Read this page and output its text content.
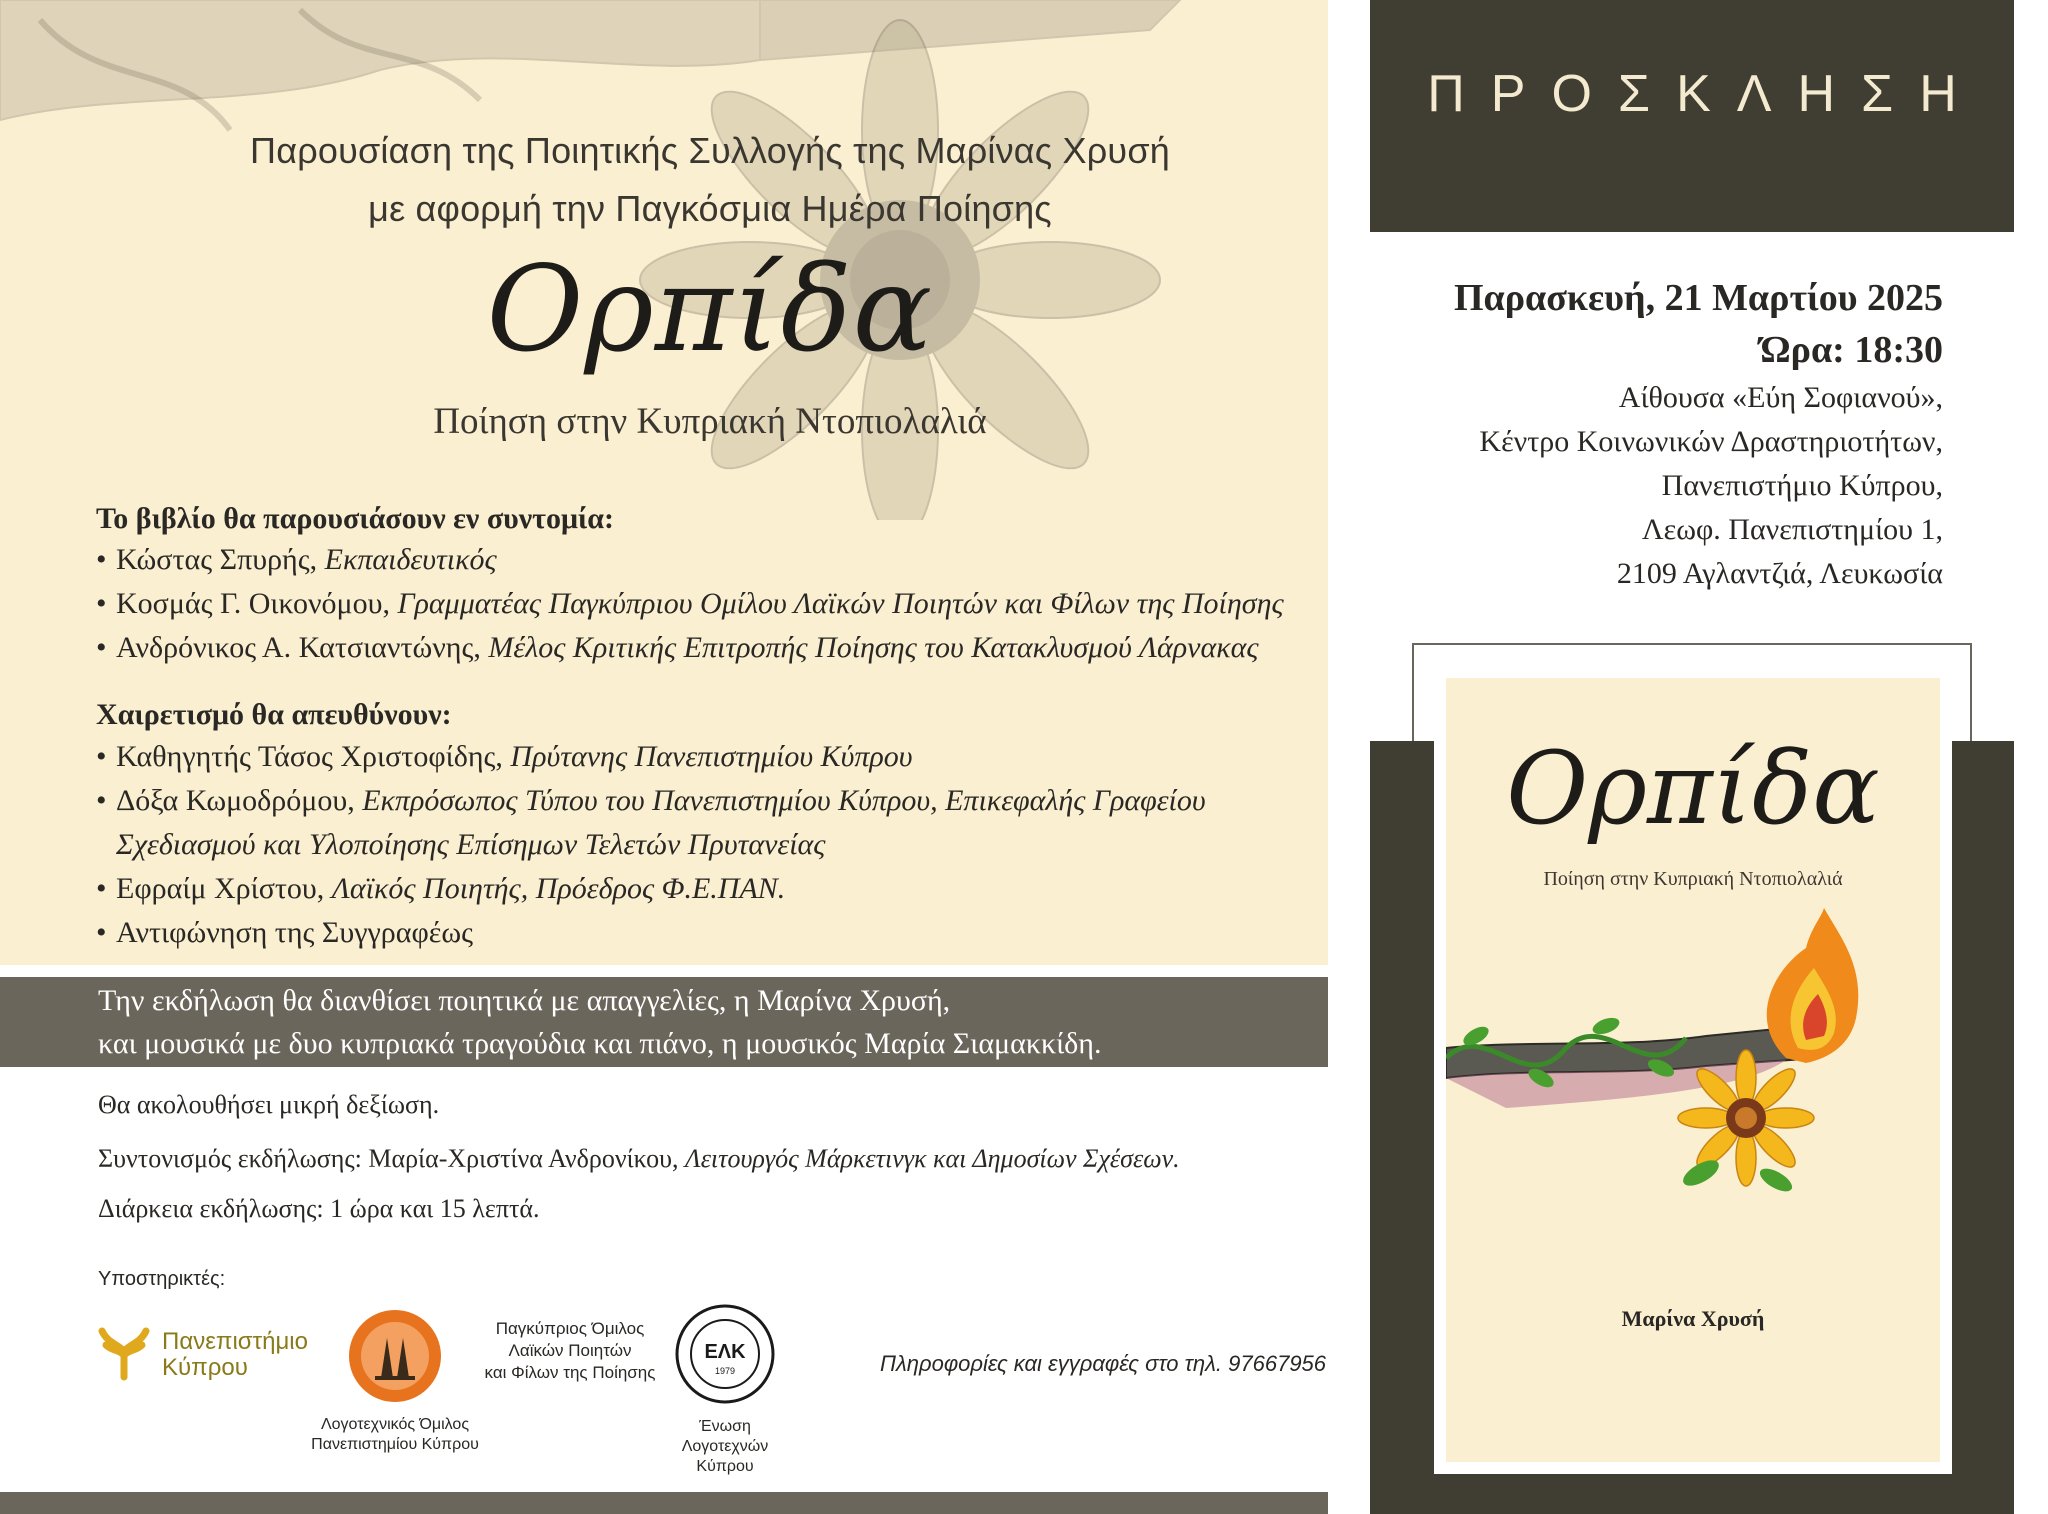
Παρουσίαση της Ποιητικής Συλλογής της Μαρίνας Χρυσή
με αφορμή την Παγκόσμια Ημέρα Ποίησης
Ορπίδα
Ποίηση στην Κυπριακή Ντοπιολαλιά
Το βιβλίο θα παρουσιάσουν εν συντομία:
• Κώστας Σπυρής, Εκπαιδευτικός
• Κοσμάς Γ. Οικονόμου, Γραμματέας Παγκύπριου Ομίλου Λαϊκών Ποιητών και Φίλων της Ποίησης
• Ανδρόνικος Α. Κατσιαντώνης, Μέλος Κριτικής Επιτροπής Ποίησης του Κατακλυσμού Λάρνακας
Χαιρετισμό θα απευθύνουν:
• Καθηγητής Τάσος Χριστοφίδης, Πρύτανης Πανεπιστημίου Κύπρου
• Δόξα Κωμοδρόμου, Εκπρόσωπος Τύπου του Πανεπιστημίου Κύπρου, Επικεφαλής Γραφείου
Σχεδιασμού και Υλοποίησης Επίσημων Τελετών Πρυτανείας
• Εφραίμ Χρίστου, Λαϊκός Ποιητής, Πρόεδρος Φ.Ε.ΠΑΝ.
• Αντιφώνηση της Συγγραφέως
Την εκδήλωση θα διανθίσει ποιητικά με απαγγελίες, η Μαρίνα Χρυσή,
και μουσικά με δυο κυπριακά τραγούδια και πιάνο, η μουσικός Μαρία Σιαμακκίδη.
Θα ακολουθήσει μικρή δεξίωση.
Συντονισμός εκδήλωσης: Μαρία-Χριστίνα Ανδρονίκου, Λειτουργός Μάρκετινγκ και Δημοσίων Σχέσεων.
Διάρκεια εκδήλωσης: 1 ώρα και 15 λεπτά.
Υποστηρικτές:
Πανεπιστήμιο
Κύπρου
Λογοτεχνικός Όμιλος
Πανεπιστημίου Κύπρου
Παγκύπριος Όμιλος
Λαϊκών Ποιητών
και Φίλων της Ποίησης
ΕΛΚ
1979
Ένωση
Λογοτεχνών Κύπρου
Πληροφορίες και εγγραφές στο τηλ. 97667956
ΠΡΟΣΚΛΗΣΗ
Παρασκευή, 21 Μαρτίου 2025
Ώρα: 18:30
Αίθουσα «Εύη Σοφιανού»,
Κέντρο Κοινωνικών Δραστηριοτήτων,
Πανεπιστήμιο Κύπρου,
Λεωφ. Πανεπιστημίου 1,
2109 Αγλαντζιά, Λευκωσία
Ορπίδα
Ποίηση στην Κυπριακή Ντοπιολαλιά
Μαρίνα Χρυσή
